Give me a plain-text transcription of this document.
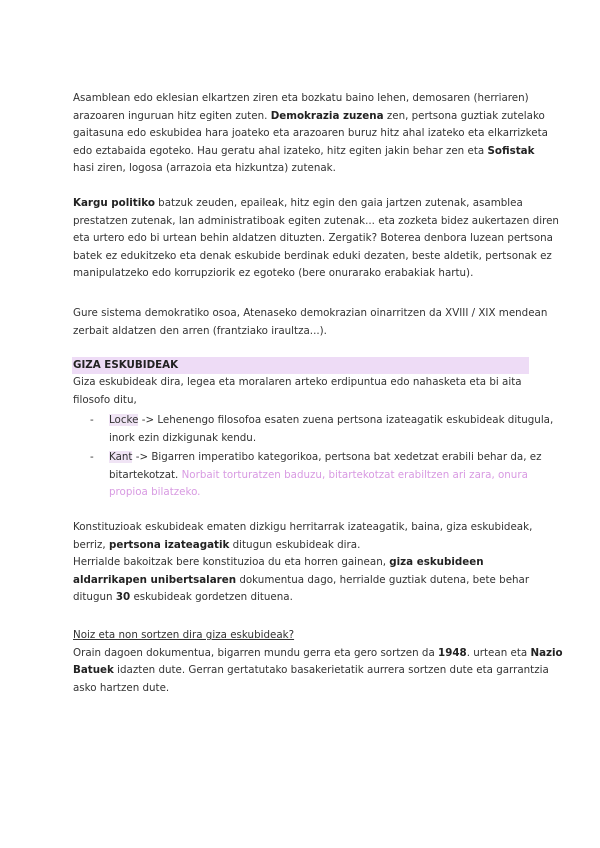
Asamblean edo eklesian elkartzen ziren eta bozkatu baino lehen, demosaren (herriaren)
arazoaren inguruan hitz egiten zuten. Demokrazia zuzena zen, pertsona guztiak zutelako
gaitasuna edo eskubidea hara joateko eta arazoaren buruz hitz ahal izateko eta elkarrizketa
edo eztabaida egoteko. Hau geratu ahal izateko, hitz egiten jakin behar zen eta Sofistak
hasi ziren, logosa (arrazoia eta hizkuntza) zutenak.
Kargu politiko batzuk zeuden, epaileak, hitz egin den gaia jartzen zutenak, asamblea
prestatzen zutenak, lan administratiboak egiten zutenak... eta zozketa bidez aukertazen diren
eta urtero edo bi urtean behin aldatzen dituzten. Zergatik? Boterea denbora luzean pertsona
batek ez edukitzeko eta denak eskubide berdinak eduki dezaten, beste aldetik, pertsonak ez
manipulatzeko edo korrupziorik ez egoteko (bere onurarako erabakiak hartu).
Gure sistema demokratiko osoa, Atenaseko demokrazian oinarritzen da XVIII / XIX mendean
zerbait aldatzen den arren (frantziako iraultza...).
GIZA ESKUBIDEAK
Giza eskubideak dira, legea eta moralaren arteko erdipuntua edo nahasketa eta bi aita
filosofo ditu,
- Locke -> Lehenengo filosofoa esaten zuena pertsona izateagatik eskubideak ditugula,
inork ezin dizkigunak kendu.
- Kant -> Bigarren imperatibo kategorikoa, pertsona bat xedetzat erabili behar da, ez
bitartekotzat. Norbait torturatzen baduzu, bitartekotzat erabiltzen ari zara, onura
propioa bilatzeko.
Konstituzioak eskubideak ematen dizkigu herritarrak izateagatik, baina, giza eskubideak,
berriz, pertsona izateagatik ditugun eskubideak dira.
Herrialde bakoitzak bere konstituzioa du eta horren gainean, giza eskubideen
aldarrikapen unibertsalaren dokumentua dago, herrialde guztiak dutena, bete behar
ditugun 30 eskubideak gordetzen dituena.
Noiz eta non sortzen dira giza eskubideak?
Orain dagoen dokumentua, bigarren mundu gerra eta gero sortzen da 1948. urtean eta Nazio
Batuek idazten dute. Gerran gertatutako basakerietatik aurrera sortzen dute eta garrantzia
asko hartzen dute.
